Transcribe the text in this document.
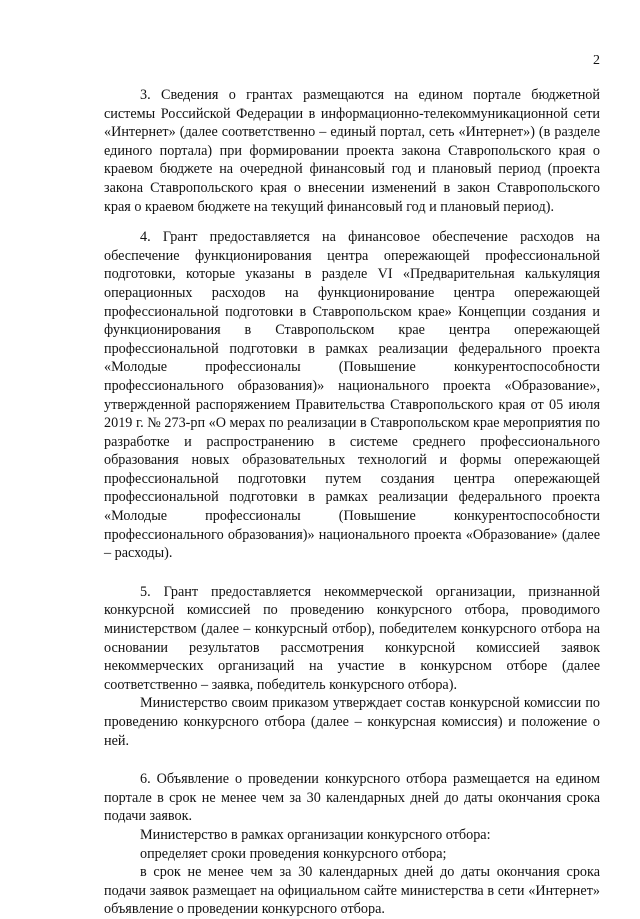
2

3. Сведения о грантах размещаются на едином портале бюджетной системы Российской Федерации в информационно-телекоммуникационной сети «Интернет» (далее соответственно – единый портал, сеть «Интернет») (в разделе единого портала) при формировании проекта закона Ставропольского края о краевом бюджете на очередной финансовый год и плановый период (проекта закона Ставропольского края о внесении изменений в закон Ставропольского края о краевом бюджете на текущий финансовый год и плановый период).

4. Грант предоставляется на финансовое обеспечение расходов на обеспечение функционирования центра опережающей профессиональной подготовки, которые указаны в разделе VI «Предварительная калькуляция операционных расходов на функционирование центра опережающей профессиональной подготовки в Ставропольском крае» Концепции создания и функционирования в Ставропольском крае центра опережающей профессиональной подготовки в рамках реализации федерального проекта «Молодые профессионалы (Повышение конкурентоспособности профессионального образования)» национального проекта «Образование», утвержденной распоряжением Правительства Ставропольского края от 05 июля 2019 г. № 273-рп «О мерах по реализации в Ставропольском крае мероприятия по разработке и распространению в системе среднего профессионального образования новых образовательных технологий и формы опережающей профессиональной подготовки путем создания центра опережающей профессиональной подготовки в рамках реализации федерального проекта «Молодые профессионалы (Повышение конкурентоспособности профессионального образования)» национального проекта «Образование» (далее – расходы).

5. Грант предоставляется некоммерческой организации, признанной конкурсной комиссией по проведению конкурсного отбора, проводимого министерством (далее – конкурсный отбор), победителем конкурсного отбора на основании результатов рассмотрения конкурсной комиссией заявок некоммерческих организаций на участие в конкурсном отборе (далее соответственно – заявка, победитель конкурсного отбора).

Министерство своим приказом утверждает состав конкурсной комиссии по проведению конкурсного отбора (далее – конкурсная комиссия) и положение о ней.

6. Объявление о проведении конкурсного отбора размещается на едином портале в срок не менее чем за 30 календарных дней до даты окончания срока подачи заявок.

Министерство в рамках организации конкурсного отбора:

определяет сроки проведения конкурсного отбора;

в срок не менее чем за 30 календарных дней до даты окончания срока подачи заявок размещает на официальном сайте министерства в сети «Интернет» объявление о проведении конкурсного отбора.
